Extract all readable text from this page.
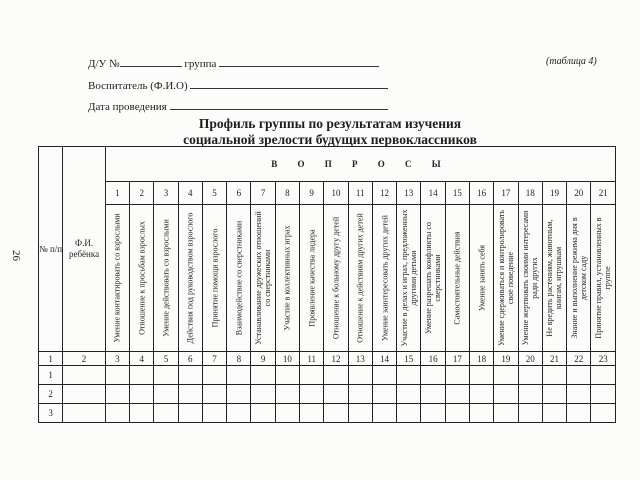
Д/У №	группа	(таблица 4)
Воспитатель (Ф.И.О)
Дата проведения
Профиль группы по результатам изучения
социальной зрелости будущих первоклассников
26
№ п/п	Ф.И. ребёнка	В О П Р О С Ы																				
		1	2	3	4	5	6	7	8	9	10	11	12	13	14	15	16	17	18	19	20	21

		Умение контактировать со взрослыми	Отношение к просьбам взрослых	Умение действовать со взрослыми	Действия под руководством взрослого	Принятие помощи взрослого	Взаимодействие со сверстниками	Устанавливание дружеских отношений со сверстниками	Участие в коллективных играх	Проявление качества лидера	Отношение к больному другу детей	Отношение к действиям других детей	Умение заинтересовать других детей	Участие в делах и играх, предложенных другими детьми	Умение разрешать конфликты со сверстниками	Самостоятельные действия	Умение занять себя	Умение сдерживаться и контролировать свое поведение	Умение жертвовать своими интересами ради других	Не вредить растениям, животным, книгам, игрушкам	Знание и выполнение режима дня в детском саду	Принятие правил, установленных в группе

1	2	3	4	5	6	7	8	9	10	11	12	13	14	15	16	17	18	19	20	21	22	23
1																						
2																						
3																						
